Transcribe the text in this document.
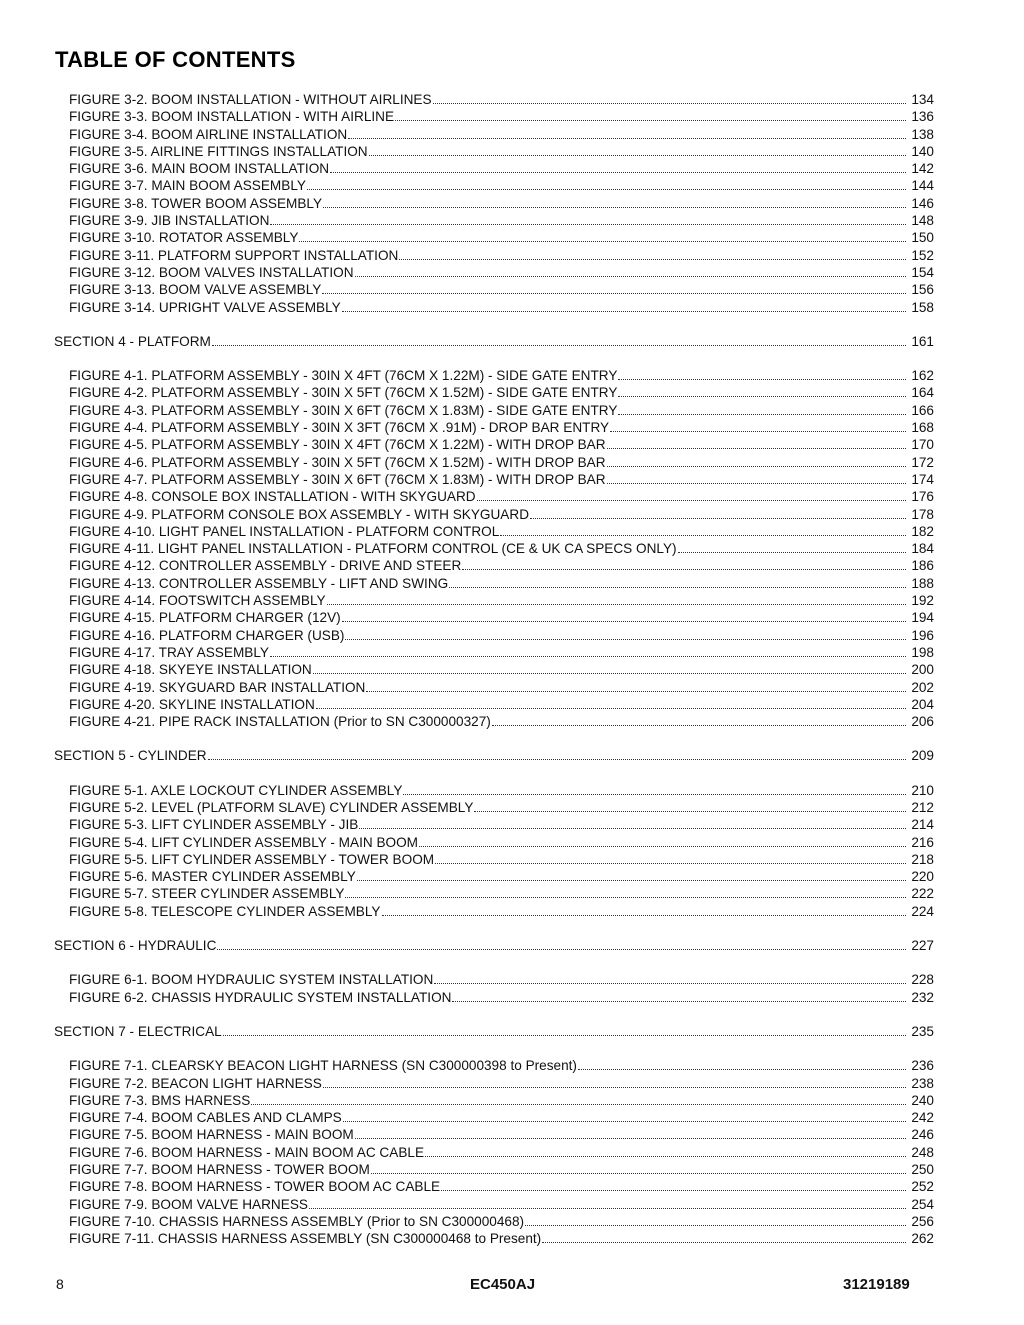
TABLE OF CONTENTS
FIGURE 3-2. BOOM INSTALLATION - WITHOUT AIRLINES	134
FIGURE 3-3. BOOM INSTALLATION - WITH AIRLINE	136
FIGURE 3-4. BOOM AIRLINE INSTALLATION	138
FIGURE 3-5. AIRLINE FITTINGS INSTALLATION	140
FIGURE 3-6. MAIN BOOM INSTALLATION	142
FIGURE 3-7. MAIN BOOM ASSEMBLY	144
FIGURE 3-8. TOWER BOOM ASSEMBLY	146
FIGURE 3-9. JIB INSTALLATION	148
FIGURE 3-10. ROTATOR ASSEMBLY	150
FIGURE 3-11. PLATFORM SUPPORT INSTALLATION	152
FIGURE 3-12. BOOM VALVES INSTALLATION	154
FIGURE 3-13. BOOM VALVE ASSEMBLY	156
FIGURE 3-14. UPRIGHT VALVE ASSEMBLY	158
SECTION 4 - PLATFORM	161
FIGURE 4-1. PLATFORM ASSEMBLY - 30IN X 4FT (76CM X 1.22M) - SIDE GATE ENTRY	162
FIGURE 4-2. PLATFORM ASSEMBLY - 30IN X 5FT (76CM X 1.52M) - SIDE GATE ENTRY	164
FIGURE 4-3. PLATFORM ASSEMBLY - 30IN X 6FT (76CM X 1.83M) - SIDE GATE ENTRY	166
FIGURE 4-4. PLATFORM ASSEMBLY - 30IN X 3FT (76CM X .91M) - DROP BAR ENTRY	168
FIGURE 4-5. PLATFORM ASSEMBLY - 30IN X 4FT (76CM X 1.22M) - WITH DROP BAR	170
FIGURE 4-6. PLATFORM ASSEMBLY - 30IN X 5FT (76CM X 1.52M) - WITH DROP BAR	172
FIGURE 4-7. PLATFORM ASSEMBLY - 30IN X 6FT (76CM X 1.83M) - WITH DROP BAR	174
FIGURE 4-8. CONSOLE BOX INSTALLATION - WITH SKYGUARD	176
FIGURE 4-9. PLATFORM CONSOLE BOX ASSEMBLY - WITH SKYGUARD	178
FIGURE 4-10. LIGHT PANEL INSTALLATION - PLATFORM CONTROL	182
FIGURE 4-11. LIGHT PANEL INSTALLATION - PLATFORM CONTROL (CE & UK CA SPECS ONLY)	184
FIGURE 4-12. CONTROLLER ASSEMBLY - DRIVE AND STEER	186
FIGURE 4-13. CONTROLLER ASSEMBLY - LIFT AND SWING	188
FIGURE 4-14. FOOTSWITCH ASSEMBLY	192
FIGURE 4-15. PLATFORM CHARGER (12V)	194
FIGURE 4-16. PLATFORM CHARGER (USB)	196
FIGURE 4-17. TRAY ASSEMBLY	198
FIGURE 4-18. SKYEYE INSTALLATION	200
FIGURE 4-19. SKYGUARD BAR INSTALLATION	202
FIGURE 4-20. SKYLINE INSTALLATION	204
FIGURE 4-21. PIPE RACK INSTALLATION (Prior to SN C300000327)	206
SECTION 5 - CYLINDER	209
FIGURE 5-1. AXLE LOCKOUT CYLINDER ASSEMBLY	210
FIGURE 5-2. LEVEL (PLATFORM SLAVE) CYLINDER ASSEMBLY	212
FIGURE 5-3. LIFT CYLINDER ASSEMBLY - JIB	214
FIGURE 5-4. LIFT CYLINDER ASSEMBLY - MAIN BOOM	216
FIGURE 5-5. LIFT CYLINDER ASSEMBLY - TOWER BOOM	218
FIGURE 5-6. MASTER CYLINDER ASSEMBLY	220
FIGURE 5-7. STEER CYLINDER ASSEMBLY	222
FIGURE 5-8. TELESCOPE CYLINDER ASSEMBLY	224
SECTION 6 - HYDRAULIC	227
FIGURE 6-1. BOOM HYDRAULIC SYSTEM INSTALLATION	228
FIGURE 6-2. CHASSIS HYDRAULIC SYSTEM INSTALLATION	232
SECTION 7 - ELECTRICAL	235
FIGURE 7-1. CLEARSKY BEACON LIGHT HARNESS (SN C300000398 to Present)	236
FIGURE 7-2. BEACON LIGHT HARNESS	238
FIGURE 7-3. BMS HARNESS	240
FIGURE 7-4. BOOM CABLES AND CLAMPS	242
FIGURE 7-5. BOOM HARNESS - MAIN BOOM	246
FIGURE 7-6. BOOM HARNESS - MAIN BOOM AC CABLE	248
FIGURE 7-7. BOOM HARNESS - TOWER BOOM	250
FIGURE 7-8. BOOM HARNESS - TOWER BOOM AC CABLE	252
FIGURE 7-9. BOOM VALVE HARNESS	254
FIGURE 7-10. CHASSIS HARNESS ASSEMBLY (Prior to SN C300000468)	256
FIGURE 7-11. CHASSIS HARNESS ASSEMBLY (SN C300000468 to Present)	262
8	EC450AJ	31219189
